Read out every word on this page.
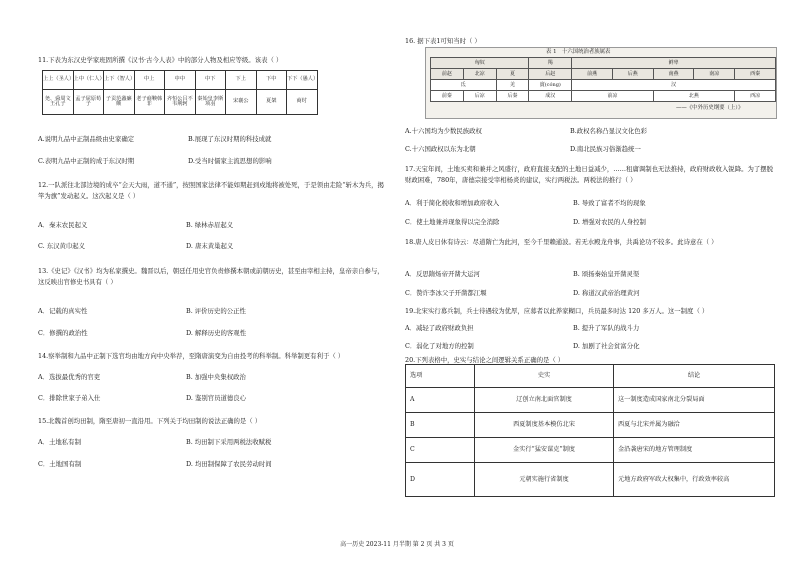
11.下表为东汉史学家班固所撰《汉书·古今人表》中的部分人物及相应等级。该表（ ）
上上（圣人）	上中（仁人）	上下（智人）	中上	中中	中下	下上	下中	下下（愚人）
尧、舜周文王孔子	孟子屈原荀子	子贡范蠡廉颇	老子商鞅韩非	齐恒公吕不韦荆轲	秦始皇李斯项羽	宋襄公	夏桀	商纣
A.说明九品中正制品级由史家确定	B.展现了东汉时期的科技成就
C.表明九品中正制的成于东汉时期	D.受当时儒家主流思想的影响
12.一队派往北部边境的成卒“会天大雨，道不通”，按照国家法律不能如期赶到戍地将被处死，于是领由走险“斩木为兵，揭竿为旗”发动起义。这次起义是（ ）
A．秦末农民起义	B. 绿林赤眉起义
C. 东汉黄巾起义	D. 唐末黄巢起义
13.《史记》《汉书》均为私家撰史。魏晋以后，朝廷任用史官负责修撰本朝或前朝历史，甚至由宰相主持，皇帝亲自参与，这反映出官修史书具有（ ）
A．记载的真实性	B. 评价历史的公正性
C．修撰的政治性	D. 解释历史的客观性
14.察举制和九品中正制下选官均由地方向中央举荐，至隋唐演变为自由投考的科举制。科举制更有利于（ ）
A．选拔最优秀的官吏	B. 加强中央集权政治
C．排除世家子弟入仕	D. 鉴别官员道德良心
15.北魏首创均田制，隋至唐初一直沿用。下列关于均田制的说法正确的是（ ）
A．土地私有制	B. 均田制下采用两税法收赋税
C．土地国有制	D. 均田制保障了农民劳动时间
16. 据下表1可知当时（ ）
表 1　十六国统治者族属表
匈奴			羯	鲜卑				
前赵	北凉	夏	后赵	前燕	后燕	南燕	南凉	西秦
氐		羌	賨(cóng)	汉				
前秦	后凉	后秦	成汉	前凉		北燕		西凉
——《中外历史纲要（上）》
A.十六国均为少数民族政权	B.政权名称凸显汉文化色彩
C.十六国政权以东为北朝	D.南北民族习俗渐趋统一
17.天宝年间，土地买卖和兼并之风盛行，政府直接支配的土地日益减少，……租庸调制也无法推持，政府财政收入锐降。为了摆脱财政困难，780年，唐德宗接受宰相杨炎的建议，实行两税法。两税法的推行（ ）
A．利于简化税收和增加政府收入	B. 导致了富者不均的现象
C．使土地兼并现象得以完全消除	D. 增强对农民的人身控制
18.唐人皮日休有诗云：尽道隋亡为此河，至今千里赖通波。若无水殿龙舟事，共禹论功不较多。此诗意在（ ）
A．反思隋炀帝开凿大运河	B. 颂扬秦始皇开凿灵渠
C．赞许李冰父子开凿都江堰	D. 称道汉武帝治理黄河
19.北宋实行募兵制，兵士待遇较为优厚，应募者以此养家糊口，兵员最多时达 120 多万人。这一制度（ ）
A．减轻了政府财政负担	B. 提升了军队的战斗力
C．弱化了对地方的控制	D. 加剧了社会贫富分化
20.下列表格中，史实与结论之间逻辑关系正确的是（ ）
选项	史实	结论
A	辽创立南北面官制度	这一制度造成国家南北分裂局面
B	西夏制度基本模仿北宋	西夏与北宋并属为融洽
C	金实行“猛安谋克”制度	金沿袭唐宋的地方管理制度
D	元朝实施行省制度	元地方政府军政大权集中，行政效率较高
高一历史 2023-11 月半期 第 2 页 共 3 页
